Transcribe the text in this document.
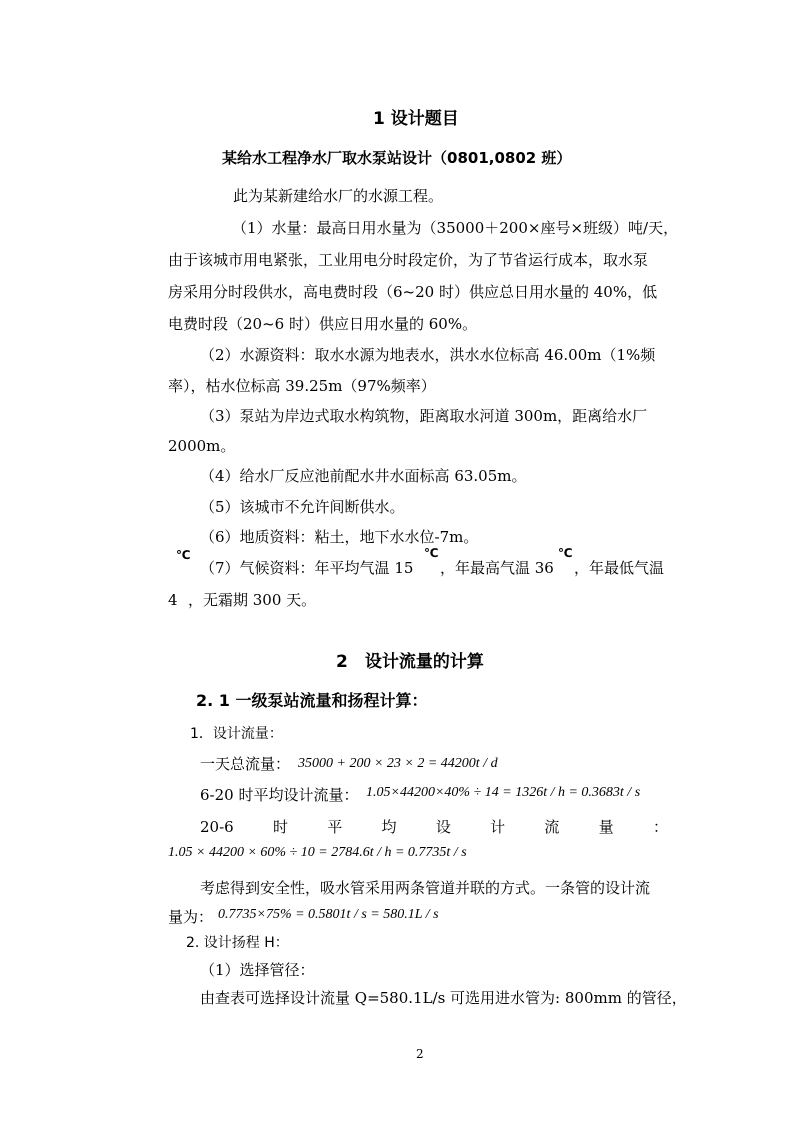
1 设计题目
某给水工程净水厂取水泵站设计（0801,0802 班）
此为某新建给水厂的水源工程。
（1）水量：最高日用水量为（35000＋200×座号×班级）吨/天，
由于该城市用电紧张，工业用电分时段定价，为了节省运行成本，取水泵
房采用分时段供水，高电费时段（6~20 时）供应总日用水量的 40%，低
电费时段（20~6 时）供应日用水量的 60%。
（2）水源资料：取水水源为地表水，洪水水位标高 46.00m（1%频
率），枯水位标高 39.25m（97%频率）
（3）泵站为岸边式取水构筑物，距离取水河道 300m，距离给水厂
2000m。
（4）给水厂反应池前配水井水面标高 63.05m。
（5）该城市不允许间断供水。
（6）地质资料：粘土，地下水水位-7m。
℃
（7）气候资料：年平均气温 15
℃
，年最高气温 36
℃
，年最低气温
4 ，无霜期 300 天。
2　设计流量的计算
2. 1 一级泵站流量和扬程计算：
1．设计流量：
一天总流量： 35000 + 200 × 23 × 2 = 44200t / d
6-20 时平均设计流量： 1.05×44200×40% ÷ 14 = 1326t / h = 0.3683t / s
20-6	时	平	均	设	计	流	量	：
1.05 × 44200 × 60% ÷ 10 = 2784.6t / h = 0.7735t / s
考虑得到安全性，吸水管采用两条管道并联的方式。一条管的设计流
量为： 0.7735×75% = 0.5801t / s = 580.1L / s
2. 设计扬程 H：
（1）选择管径：
由查表可选择设计流量 Q=580.1L/s 可选用进水管为: 800mm 的管径，
2
